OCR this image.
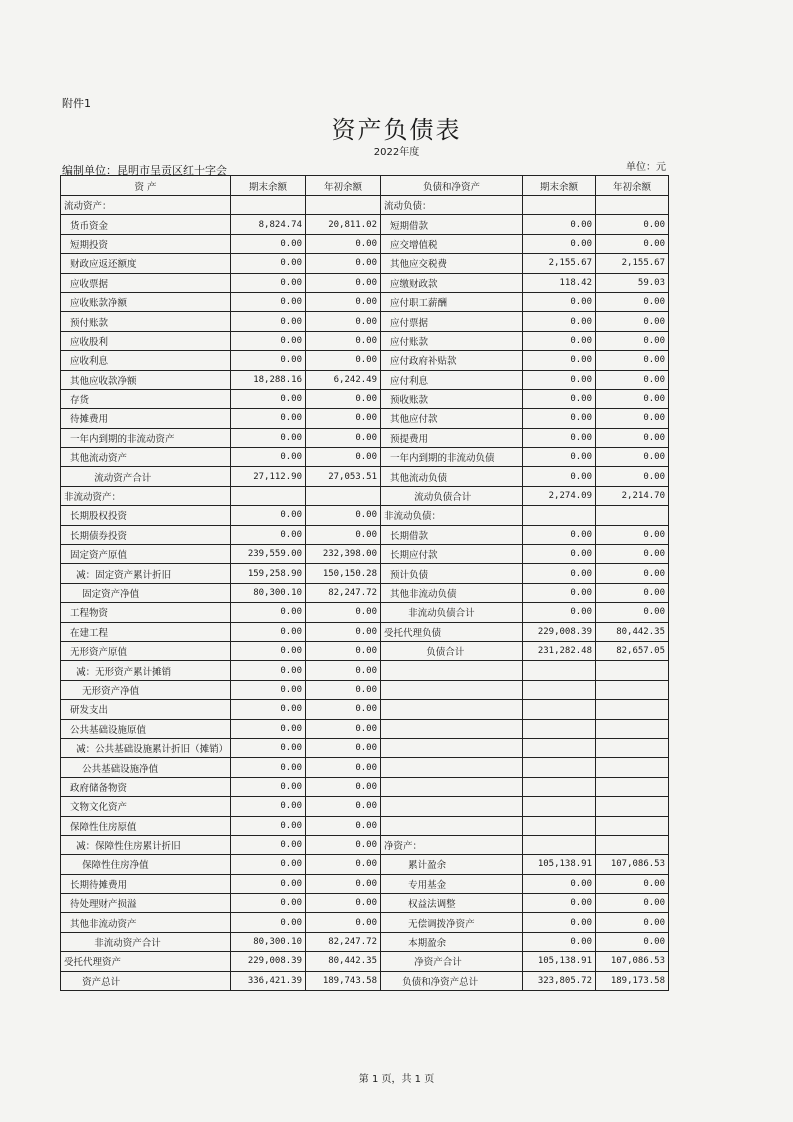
附件1
资产负债表
2022年度
编制单位：昆明市呈贡区红十字会	单位：元
资 产	期末余额	年初余额	负债和净资产	期末余额	年初余额
流动资产：			流动负债：		
货币资金	8,824.74	20,811.02	短期借款	0.00	0.00
短期投资	0.00	0.00	应交增值税	0.00	0.00
财政应返还额度	0.00	0.00	其他应交税费	2,155.67	2,155.67
应收票据	0.00	0.00	应缴财政款	118.42	59.03
应收账款净额	0.00	0.00	应付职工薪酬	0.00	0.00
预付账款	0.00	0.00	应付票据	0.00	0.00
应收股利	0.00	0.00	应付账款	0.00	0.00
应收利息	0.00	0.00	应付政府补贴款	0.00	0.00
其他应收款净额	18,288.16	6,242.49	应付利息	0.00	0.00
存货	0.00	0.00	预收账款	0.00	0.00
待摊费用	0.00	0.00	其他应付款	0.00	0.00
一年内到期的非流动资产	0.00	0.00	预提费用	0.00	0.00
其他流动资产	0.00	0.00	一年内到期的非流动负债	0.00	0.00
流动资产合计	27,112.90	27,053.51	其他流动负债	0.00	0.00
非流动资产：			流动负债合计	2,274.09	2,214.70
长期股权投资	0.00	0.00	非流动负债：		
长期债券投资	0.00	0.00	长期借款	0.00	0.00
固定资产原值	239,559.00	232,398.00	长期应付款	0.00	0.00
减：固定资产累计折旧	159,258.90	150,150.28	预计负债	0.00	0.00
固定资产净值	80,300.10	82,247.72	其他非流动负债	0.00	0.00
工程物资	0.00	0.00	非流动负债合计	0.00	0.00
在建工程	0.00	0.00	受托代理负债	229,008.39	80,442.35
无形资产原值	0.00	0.00	负债合计	231,282.48	82,657.05
减：无形资产累计摊销	0.00	0.00			
无形资产净值	0.00	0.00			
研发支出	0.00	0.00			
公共基础设施原值	0.00	0.00			
减：公共基础设施累计折旧（摊销）	0.00	0.00			
公共基础设施净值	0.00	0.00			
政府储备物资	0.00	0.00			
文物文化资产	0.00	0.00			
保障性住房原值	0.00	0.00			
减：保障性住房累计折旧	0.00	0.00	净资产：		
保障性住房净值	0.00	0.00	累计盈余	105,138.91	107,086.53
长期待摊费用	0.00	0.00	专用基金	0.00	0.00
待处理财产损溢	0.00	0.00	权益法调整	0.00	0.00
其他非流动资产	0.00	0.00	无偿调拨净资产	0.00	0.00
非流动资产合计	80,300.10	82,247.72	本期盈余	0.00	0.00
受托代理资产	229,008.39	80,442.35	净资产合计	105,138.91	107,086.53
资产总计	336,421.39	189,743.58	负债和净资产总计	323,805.72	189,173.58
第 1 页，共 1 页
